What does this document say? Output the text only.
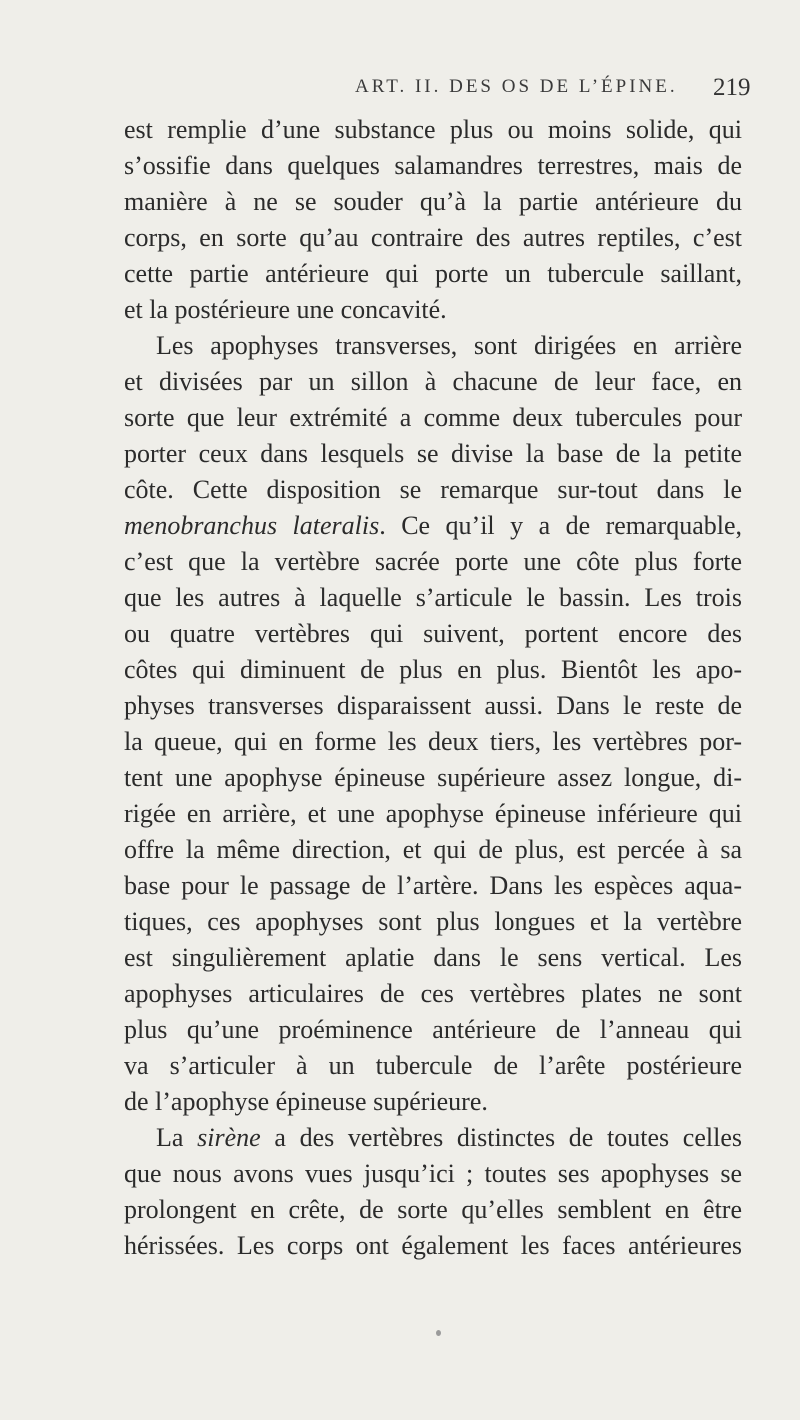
ART. II. DES OS DE L’ÉPINE. 219
est remplie d’une substance plus ou moins solide, qui
s’ossifie dans quelques salamandres terrestres, mais de
manière à ne se souder qu’à la partie antérieure du
corps, en sorte qu’au contraire des autres reptiles, c’est
cette partie antérieure qui porte un tubercule saillant,
et la postérieure une concavité.
Les apophyses transverses, sont dirigées en arrière
et divisées par un sillon à chacune de leur face, en
sorte que leur extrémité a comme deux tubercules pour
porter ceux dans lesquels se divise la base de la petite
côte. Cette disposition se remarque sur-tout dans le
menobranchus lateralis. Ce qu’il y a de remarquable,
c’est que la vertèbre sacrée porte une côte plus forte
que les autres à laquelle s’articule le bassin. Les trois
ou quatre vertèbres qui suivent, portent encore des
côtes qui diminuent de plus en plus. Bientôt les apo-
physes transverses disparaissent aussi. Dans le reste de
la queue, qui en forme les deux tiers, les vertèbres por-
tent une apophyse épineuse supérieure assez longue, di-
rigée en arrière, et une apophyse épineuse inférieure qui
offre la même direction, et qui de plus, est percée à sa
base pour le passage de l’artère. Dans les espèces aqua-
tiques, ces apophyses sont plus longues et la vertèbre
est singulièrement aplatie dans le sens vertical. Les
apophyses articulaires de ces vertèbres plates ne sont
plus qu’une proéminence antérieure de l’anneau qui
va s’articuler à un tubercule de l’arête postérieure
de l’apophyse épineuse supérieure.
La sirène a des vertèbres distinctes de toutes celles
que nous avons vues jusqu’ici ; toutes ses apophyses se
prolongent en crête, de sorte qu’elles semblent en être
hérissées. Les corps ont également les faces antérieures
